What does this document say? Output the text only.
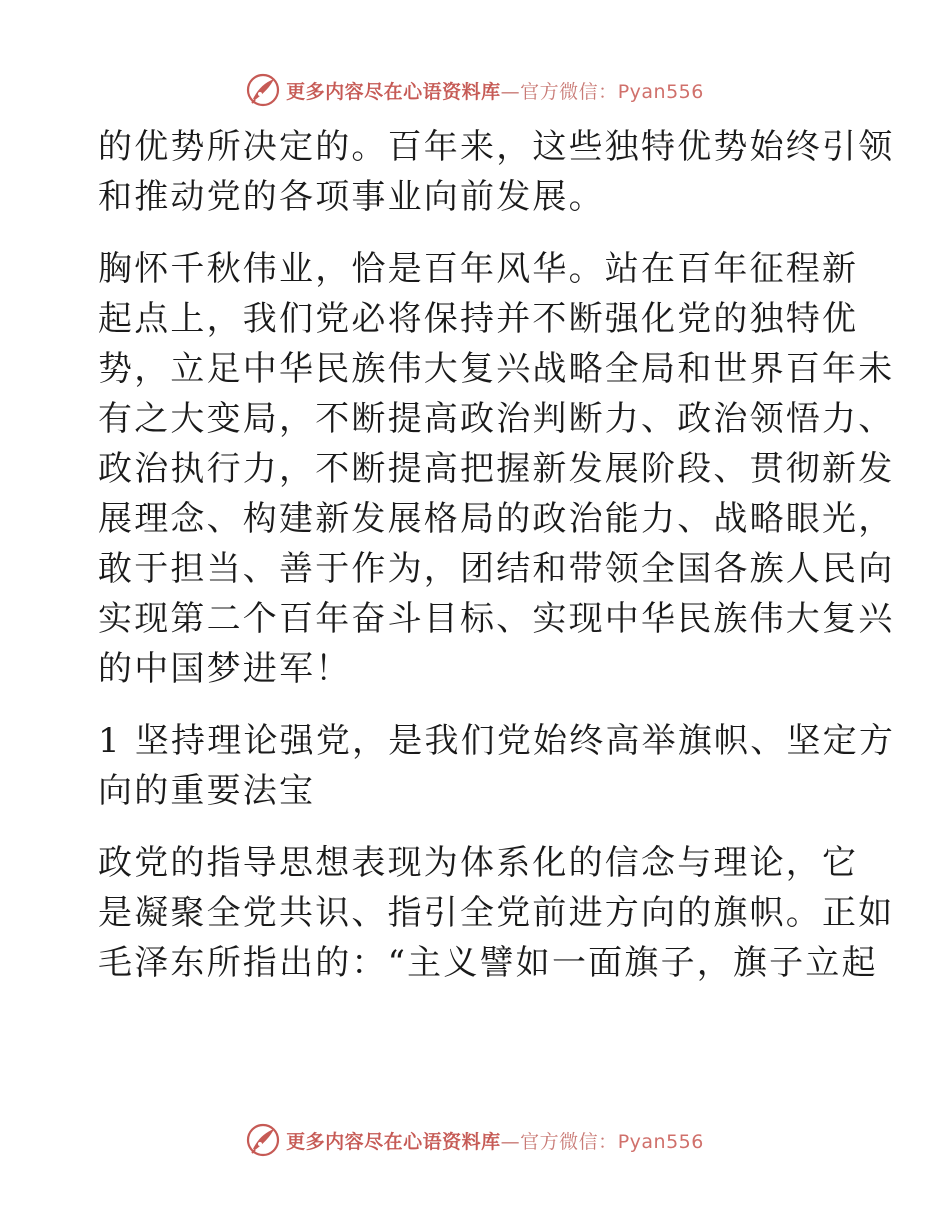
更多内容尽在心语资料库—官方微信：Pyan556

的优势所决定的。百年来，这些独特优势始终引领
和推动党的各项事业向前发展。

胸怀千秋伟业，恰是百年风华。站在百年征程新
起点上，我们党必将保持并不断强化党的独特优
势，立足中华民族伟大复兴战略全局和世界百年未
有之大变局，不断提高政治判断力、政治领悟力、
政治执行力，不断提高把握新发展阶段、贯彻新发
展理念、构建新发展格局的政治能力、战略眼光，
敢于担当、善于作为，团结和带领全国各族人民向
实现第二个百年奋斗目标、实现中华民族伟大复兴
的中国梦进军！

1 坚持理论强党，是我们党始终高举旗帜、坚定方
向的重要法宝

政党的指导思想表现为体系化的信念与理论，它
是凝聚全党共识、指引全党前进方向的旗帜。正如
毛泽东所指出的：“主义譬如一面旗子，旗子立起

更多内容尽在心语资料库—官方微信：Pyan556
